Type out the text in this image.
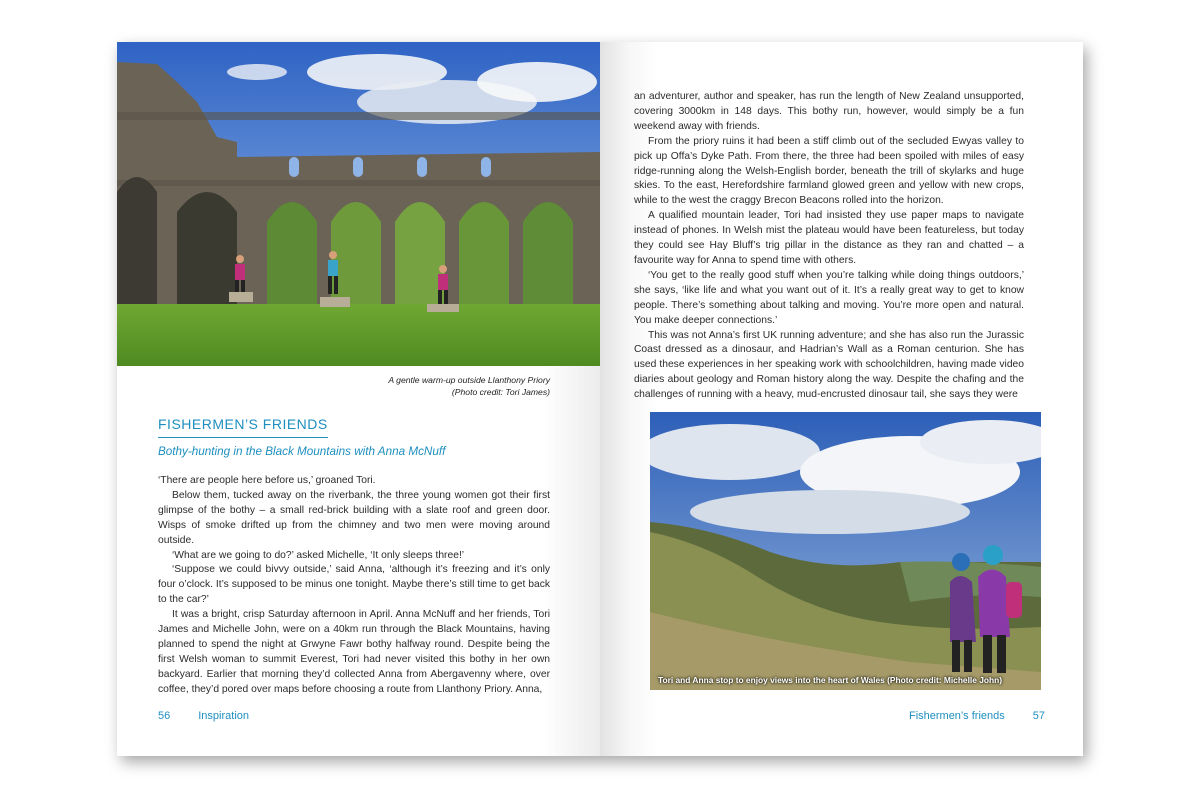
A gentle warm-up outside Llanthony Priory
(Photo credit: Tori James)
FISHERMEN’S FRIENDS
Bothy-hunting in the Black Mountains with Anna McNuff

‘There are people here before us,’ groaned Tori.

Below them, tucked away on the riverbank, the three young women got their first glimpse of the bothy – a small red-brick building with a slate roof and green door. Wisps of smoke drifted up from the chimney and two men were moving around outside.

‘What are we going to do?’ asked Michelle, ‘It only sleeps three!’

‘Suppose we could bivvy outside,’ said Anna, ‘although it’s freezing and it’s only four o’clock. It’s supposed to be minus one tonight. Maybe there’s still time to get back to the car?’

It was a bright, crisp Saturday afternoon in April. Anna McNuff and her friends, Tori James and Michelle John, were on a 40km run through the Black Mountains, having planned to spend the night at Grwyne Fawr bothy halfway round. Despite being the first Welsh woman to summit Everest, Tori had never visited this bothy in her own backyard. Earlier that morning they’d collected Anna from Abergavenny where, over coffee, they’d pored over maps before choosing a route from Llanthony Priory. Anna,

56	Inspiration

an adventurer, author and speaker, has run the length of New Zealand unsupported, covering 3000km in 148 days. This bothy run, however, would simply be a fun weekend away with friends.

From the priory ruins it had been a stiff climb out of the secluded Ewyas valley to pick up Offa’s Dyke Path. From there, the three had been spoiled with miles of easy ridge-running along the Welsh-English border, beneath the trill of skylarks and huge skies. To the east, Herefordshire farmland glowed green and yellow with new crops, while to the west the craggy Brecon Beacons rolled into the horizon.

A qualified mountain leader, Tori had insisted they use paper maps to navigate instead of phones. In Welsh mist the plateau would have been featureless, but today they could see Hay Bluff’s trig pillar in the distance as they ran and chatted – a favourite way for Anna to spend time with others.

‘You get to the really good stuff when you’re talking while doing things outdoors,’ she says, ‘like life and what you want out of it. It’s a really great way to get to know people. There’s something about talking and moving. You’re more open and natural. You make deeper connections.’

This was not Anna’s first UK running adventure; and she has also run the Jurassic Coast dressed as a dinosaur, and Hadrian’s Wall as a Roman centurion. She has used these experiences in her speaking work with schoolchildren, having made video diaries about geology and Roman history along the way. Despite the chafing and the challenges of running with a heavy, mud-encrusted dinosaur tail, she says they were

Tori and Anna stop to enjoy views into the heart of Wales (Photo credit: Michelle John)
Fishermen’s friends	57
